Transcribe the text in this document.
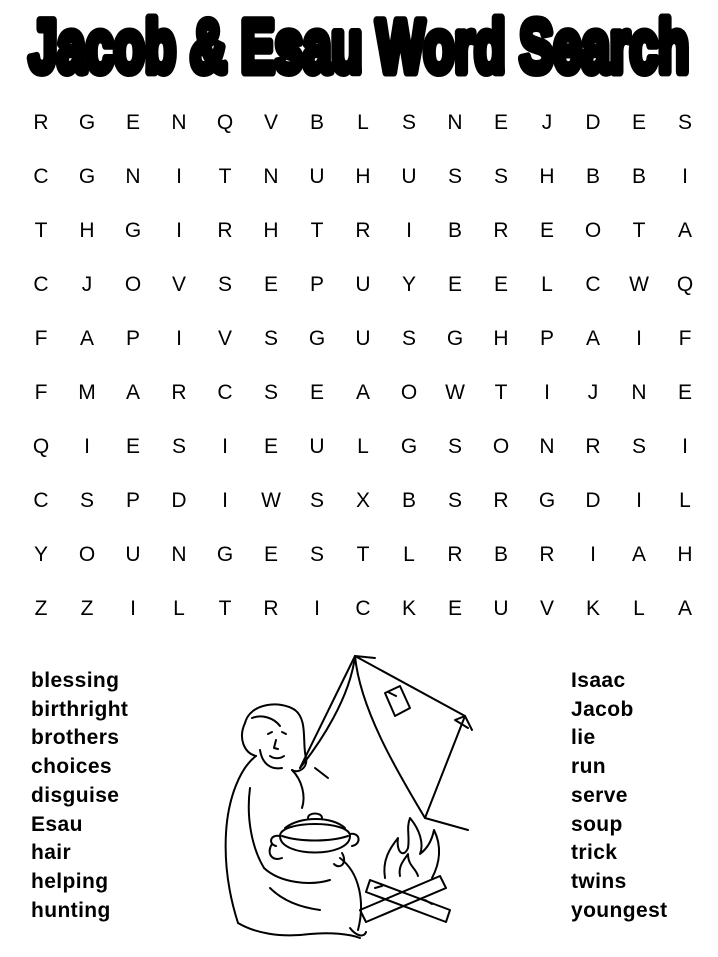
Jacob & Esau Word Search
Jacob & Esau Word Search
R	G	E	N	Q	V	B	L	S	N	E	J	D	E	S
C	G	N	I	T	N	U	H	U	S	S	H	B	B	I
T	H	G	I	R	H	T	R	I	B	R	E	O	T	A
C	J	O	V	S	E	P	U	Y	E	E	L	C	W	Q
F	A	P	I	V	S	G	U	S	G	H	P	A	I	F
F	M	A	R	C	S	E	A	O	W	T	I	J	N	E
Q	I	E	S	I	E	U	L	G	S	O	N	R	S	I
C	S	P	D	I	W	S	X	B	S	R	G	D	I	L
Y	O	U	N	G	E	S	T	L	R	B	R	I	A	H
Z	Z	I	L	T	R	I	C	K	E	U	V	K	L	A
blessing
birthright
brothers
choices
disguise
Esau
hair
helping
hunting
Isaac
Jacob
lie
run
serve
soup
trick
twins
youngest
